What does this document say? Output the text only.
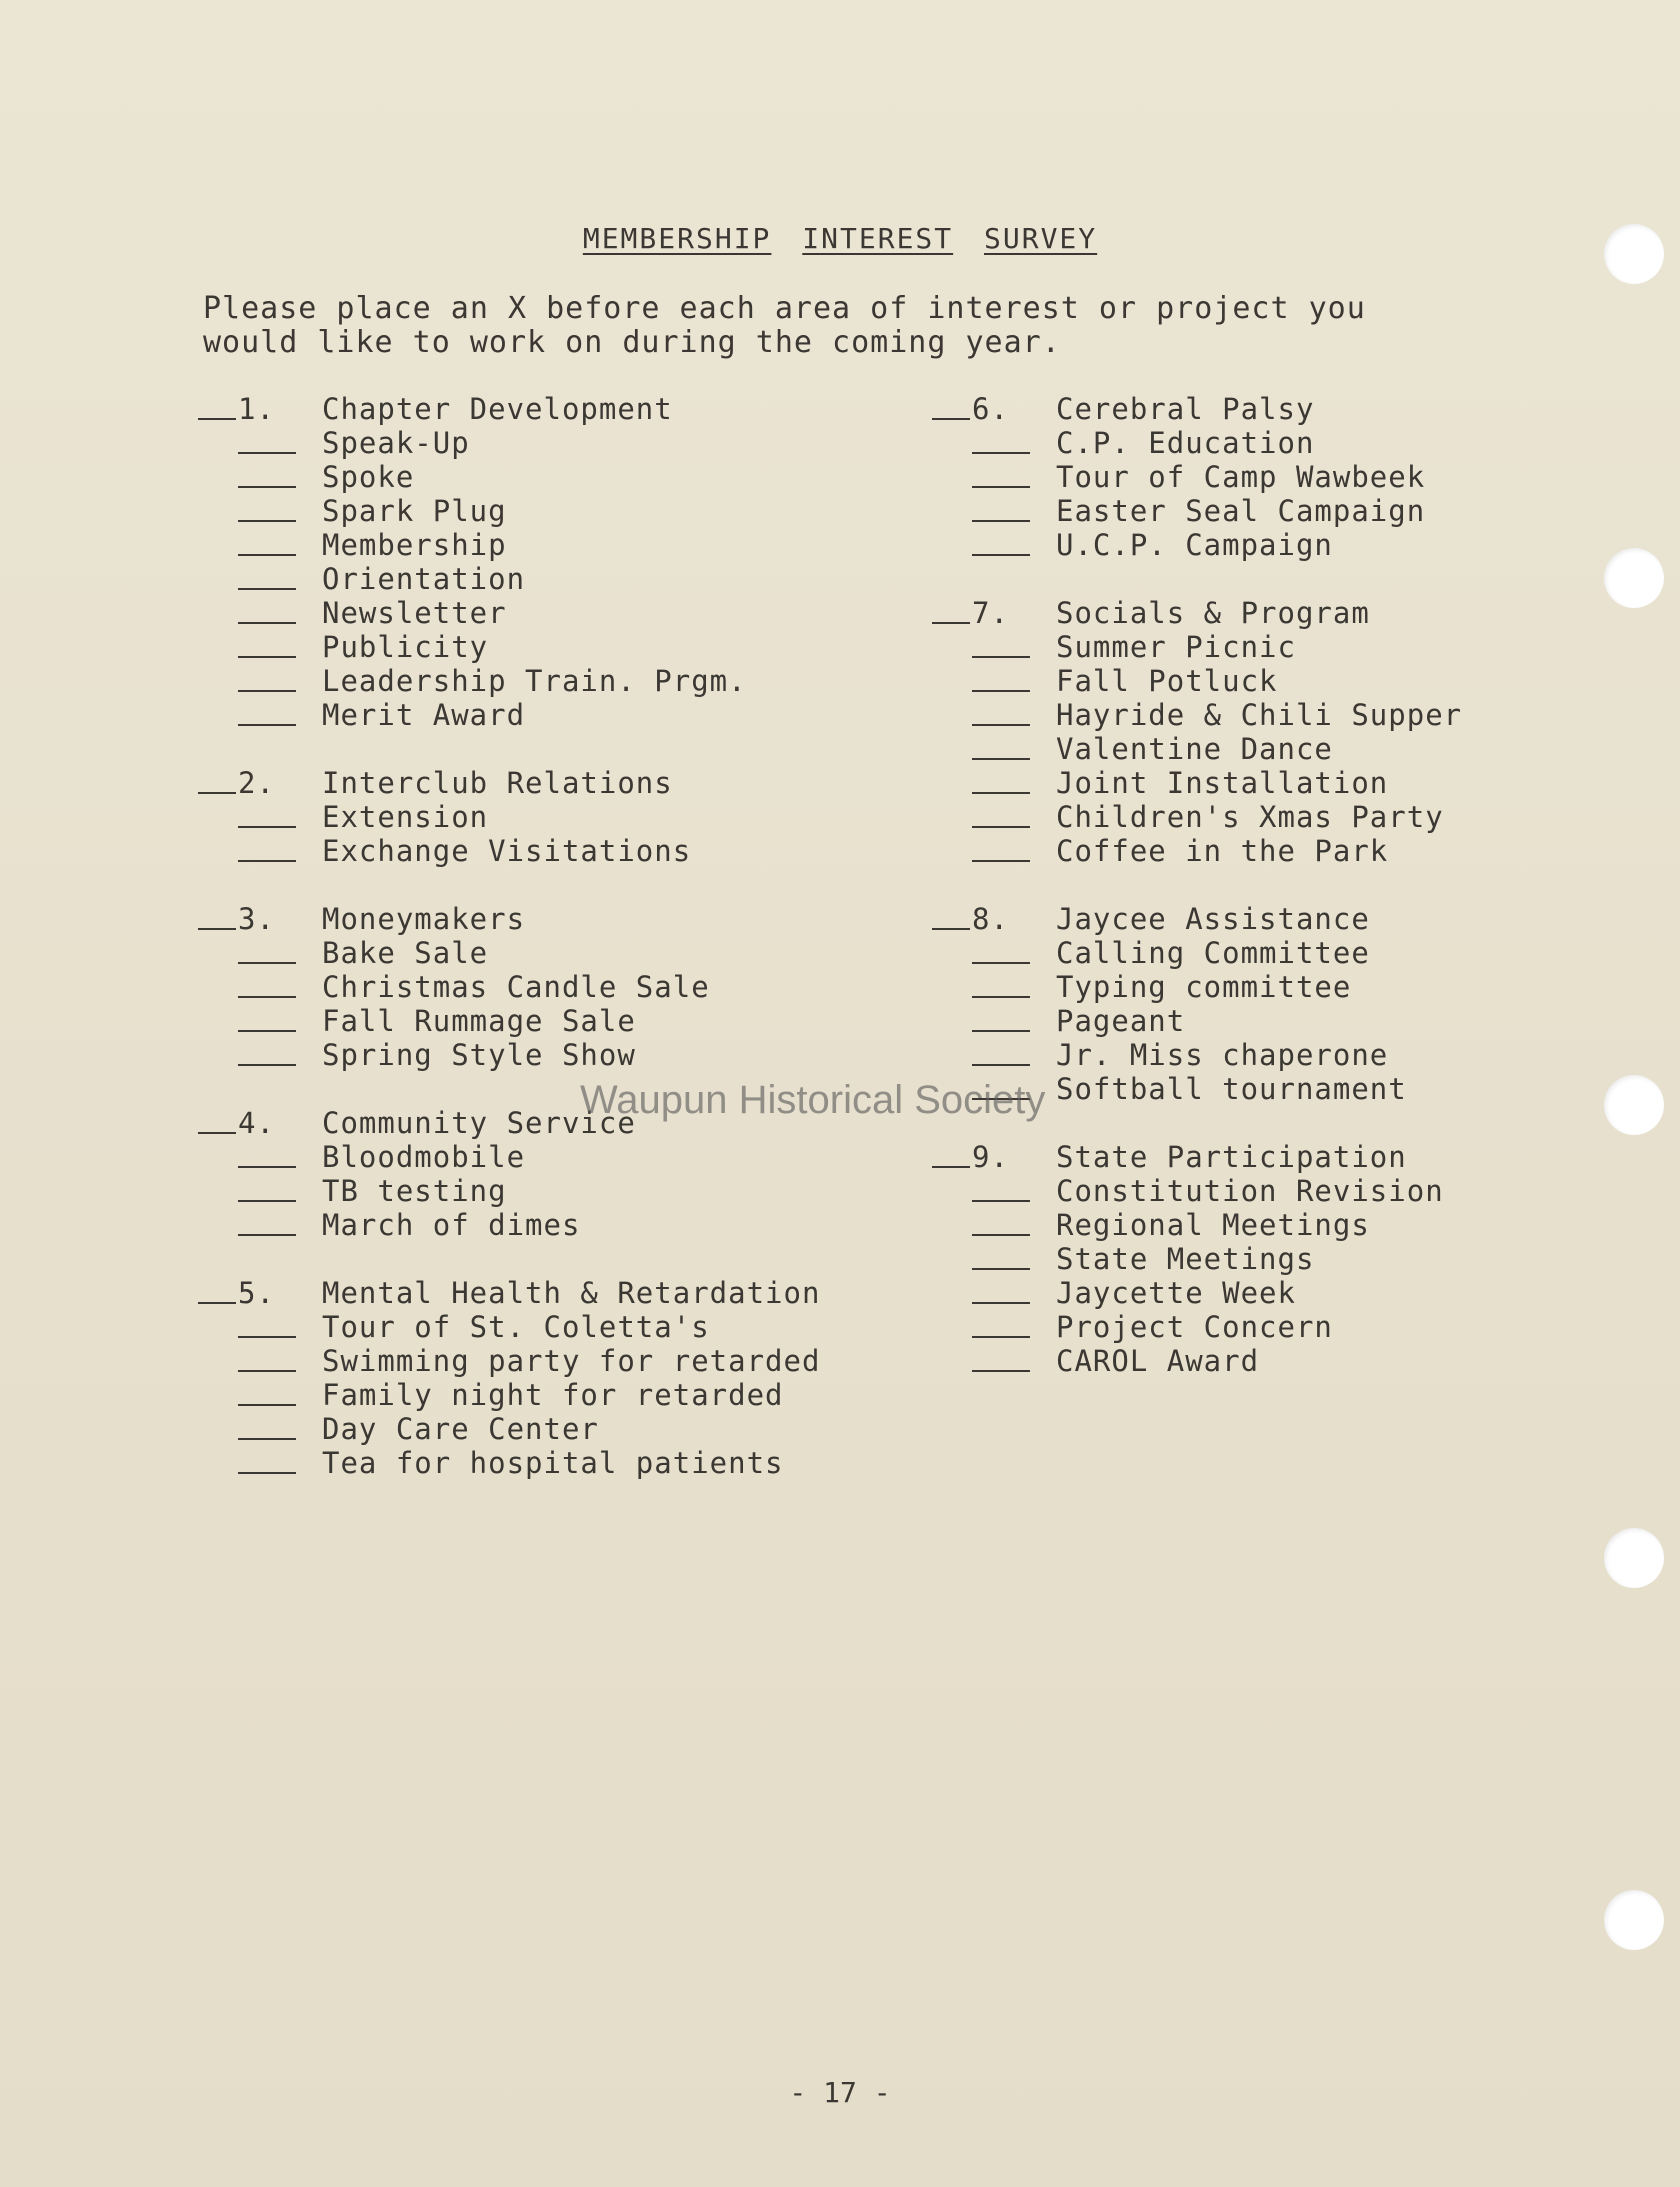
MEMBERSHIP INTEREST SURVEY
Please place an X before each area of interest or project you
would like to work on during the coming year.
1. Chapter Development
Speak-Up
Spoke
Spark Plug
Membership
Orientation
Newsletter
Publicity
Leadership Train. Prgm.
Merit Award
2. Interclub Relations
Extension
Exchange Visitations
3. Moneymakers
Bake Sale
Christmas Candle Sale
Fall Rummage Sale
Spring Style Show
4. Community Service
Bloodmobile
TB testing
March of dimes
5. Mental Health & Retardation
Tour of St. Coletta's
Swimming party for retarded
Family night for retarded
Day Care Center
Tea for hospital patients
6. Cerebral Palsy
C.P. Education
Tour of Camp Wawbeek
Easter Seal Campaign
U.C.P. Campaign
7. Socials & Program
Summer Picnic
Fall Potluck
Hayride & Chili Supper
Valentine Dance
Joint Installation
Children's Xmas Party
Coffee in the Park
8. Jaycee Assistance
Calling Committee
Typing committee
Pageant
Jr. Miss chaperone
Softball tournament
9. State Participation
Constitution Revision
Regional Meetings
State Meetings
Jaycette Week
Project Concern
CAROL Award
- 17 -
Waupun Historical Society
